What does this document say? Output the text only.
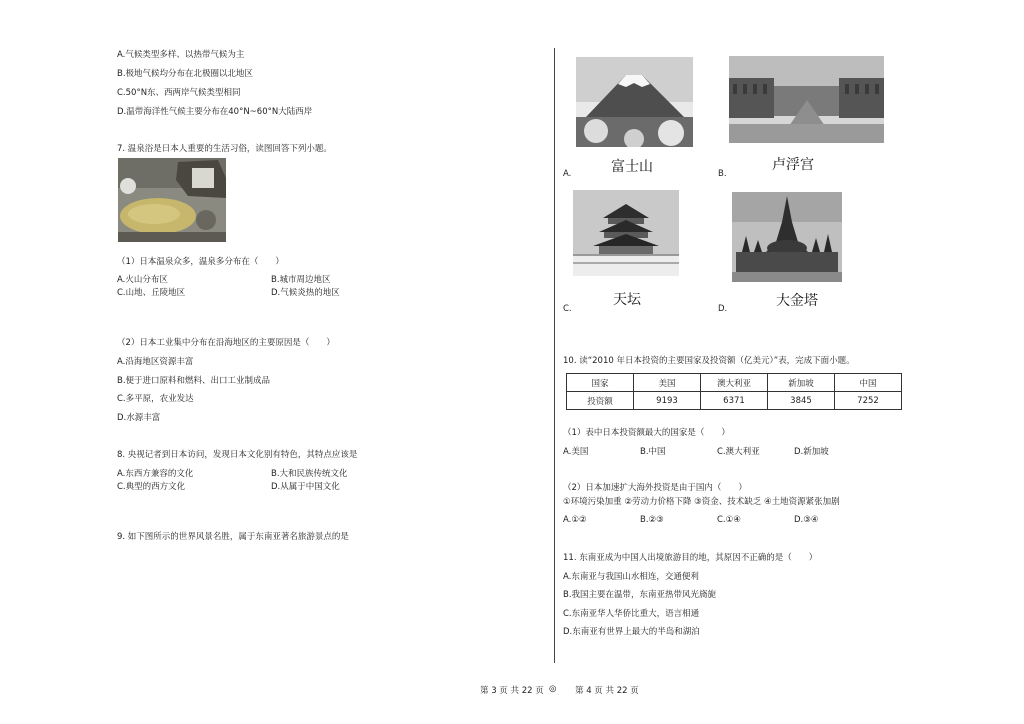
A.气候类型多样、以热带气候为主
B.极地气候均分布在北极圈以北地区
C.50°N东、西两岸气候类型相同
D.温带海洋性气候主要分布在40°N~60°N大陆西岸
7. 温泉浴是日本人重要的生活习俗，读图回答下列小题。
（1）日本温泉众多，温泉多分布在（　　）
A.火山分布区	B.城市周边地区
C.山地、丘陵地区	D.气候炎热的地区
（2）日本工业集中分布在沿海地区的主要原因是（　　）
A.沿海地区资源丰富
B.便于进口原料和燃料、出口工业制成品
C.多平原，农业发达
D.水源丰富
8. 央视记者到日本访问，发现日本文化别有特色，其特点应该是
A.东西方兼容的文化	B.大和民族传统文化
C.典型的西方文化	D.从属于中国文化
9. 如下图所示的世界风景名胜，属于东南亚著名旅游景点的是
富士山
A.
卢浮宫
B.
天坛
C.	大金塔
D.
10. 读“2010 年日本投资的主要国家及投资额（亿美元）”表，完成下面小题。
国家	美国	澳大利亚	新加坡	中国
投资额	9193	6371	3845	7252
（1）表中日本投资额最大的国家是（　　）
A.美国	B.中国	C.澳大利亚	D.新加坡
（2）日本加速扩大海外投资是由于国内（　　）
①环境污染加重 ②劳动力价格下降 ③资金、技术缺乏 ④土地资源紧张加剧
A.①②	B.②③	C.①④	D.③④
11. 东南亚成为中国人出境旅游目的地，其原因不正确的是（　　）
A.东南亚与我国山水相连，交通便利
B.我国主要在温带，东南亚热带风光旖旎
C.东南亚华人华侨比重大，语言相通
D.东南亚有世界上最大的半岛和湖泊
第 3 页 共 22 页 ◎ 第 4 页 共 22 页
